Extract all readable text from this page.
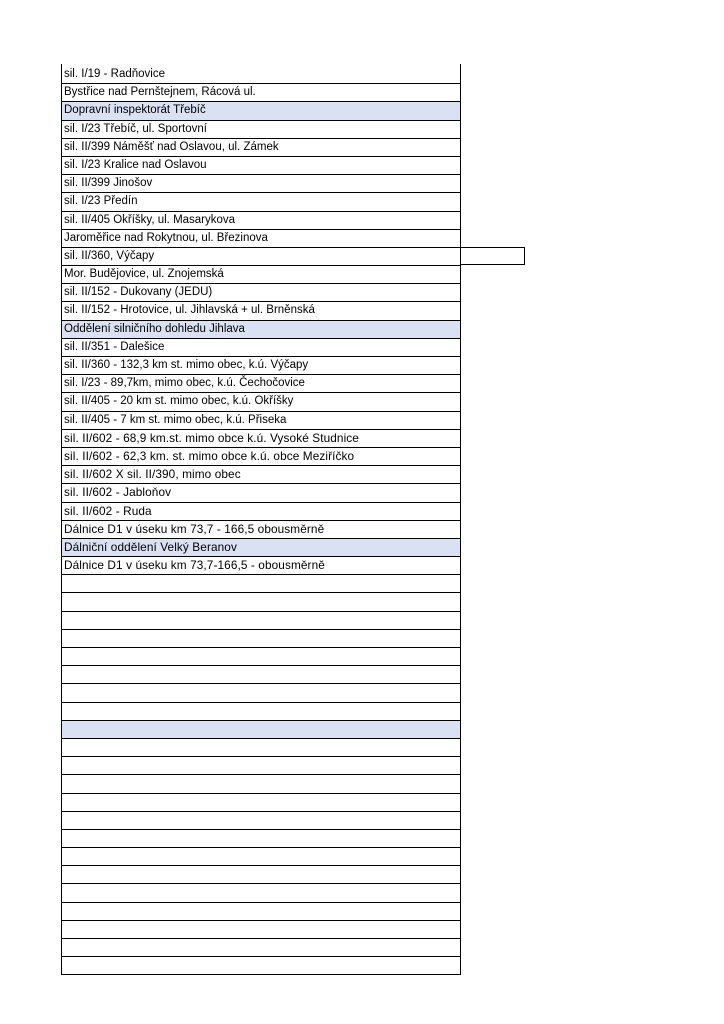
sil. I/19 - Radňovice
Bystřice nad Pernštejnem, Rácová ul.
Dopravní inspektorát Třebíč
sil. I/23 Třebíč, ul. Sportovní
sil. II/399 Náměšť nad Oslavou, ul. Zámek
sil. I/23 Kralice nad Oslavou
sil. II/399 Jinošov
sil. I/23 Předín
sil. II/405 Okříšky, ul. Masarykova
Jaroměřice nad Rokytnou, ul. Březinova
sil. II/360, Výčapy
Mor. Budějovice, ul. Znojemská
sil. II/152 - Dukovany (JEDU)
sil. II/152 - Hrotovice, ul. Jihlavská + ul. Brněnská
Oddělení silničního dohledu Jihlava
sil. II/351 - Dalešice
sil. II/360 - 132,3 km st. mimo obec, k.ú. Výčapy
sil. I/23 - 89,7km, mimo obec, k.ú. Čechočovice
sil. II/405 - 20 km st. mimo obec, k.ú. Okříšky
sil. II/405 - 7 km st. mimo obec, k.ú. Přiseka
sil. II/602 - 68,9 km.st. mimo obce k.ú. Vysoké Studnice
sil. II/602 - 62,3 km. st. mimo obce k.ú. obce Meziříčko
sil. II/602 X sil. II/390, mimo obec
sil. II/602 - Jabloňov
sil. II/602 - Ruda
Dálnice D1 v úseku km 73,7 - 166,5 obousměrně
Dálniční oddělení Velký Beranov
Dálnice D1 v úseku km 73,7-166,5 - obousměrně
